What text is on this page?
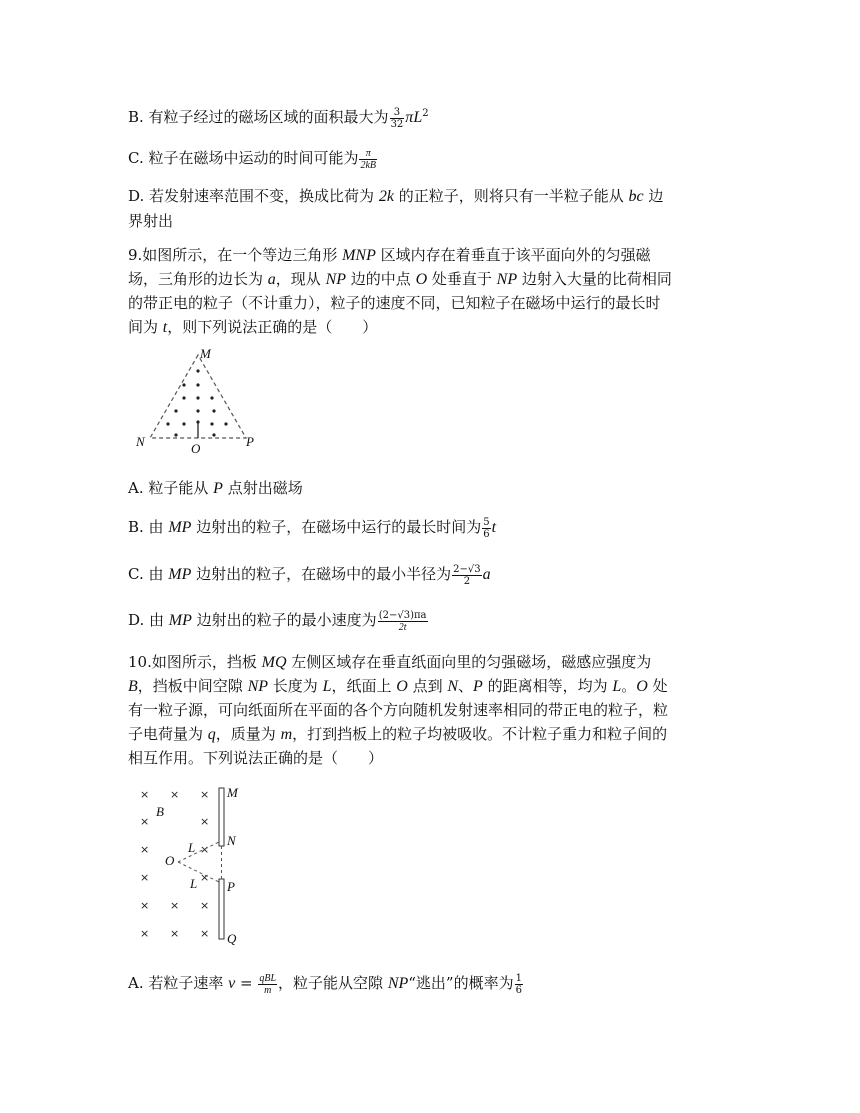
B. 有粒子经过的磁场区域的面积最大为 $\frac{3}{32} \pi L^2$
C. 粒子在磁场中运动的时间可能为 $\frac{\pi}{2kB}$
D. 若发射速率范围不变，换成比荷为 2k 的正粒子，则将只有一半粒子能从 bc 边
界射出
9.如图所示，在一个等边三角形 MNP 区域内存在着垂直于该平面向外的匀强磁
场，三角形的边长为 a，现从 NP 边的中点 O 处垂直于 NP 边射入大量的比荷相同
的带正电的粒子（不计重力），粒子的速度不同，已知粒子在磁场中运行的最长时
间为 t，则下列说法正确的是（　　）
M
N	P
O
A. 粒子能从 P 点射出磁场
B. 由 MP 边射出的粒子，在磁场中运行的最长时间为 $\frac{5}{6}$ t
C. 由 MP 边射出的粒子，在磁场中的最小半径为 $\frac{2-√3}{2}$ a
D. 由 MP 边射出的粒子的最小速度为 $\frac{(2-√3)\pi a}{2t}$
10.如图所示，挡板 MQ 左侧区域存在垂直纸面向里的匀强磁场，磁感应强度为
B，挡板中间空隙 NP 长度为 L，纸面上 O 点到 N、P 的距离相等，均为 L。O 处
有一粒子源，可向纸面所在平面的各个方向随机发射速率相同的带正电的粒子，粒
子电荷量为 q，质量为 m，打到挡板上的粒子均被吸收。不计粒子重力和粒子间的
相互作用。下列说法正确的是（　　）
× × ×
×	×
×	×
×	×
× × ×
× × ×
M
N
P
Q
O
B
L
L
A. 若粒子速率 $v = \frac{\text{qBL}}{m}$ ，粒子能从空隙 NP“逃出”的概率为 $\frac{1}{6}$
